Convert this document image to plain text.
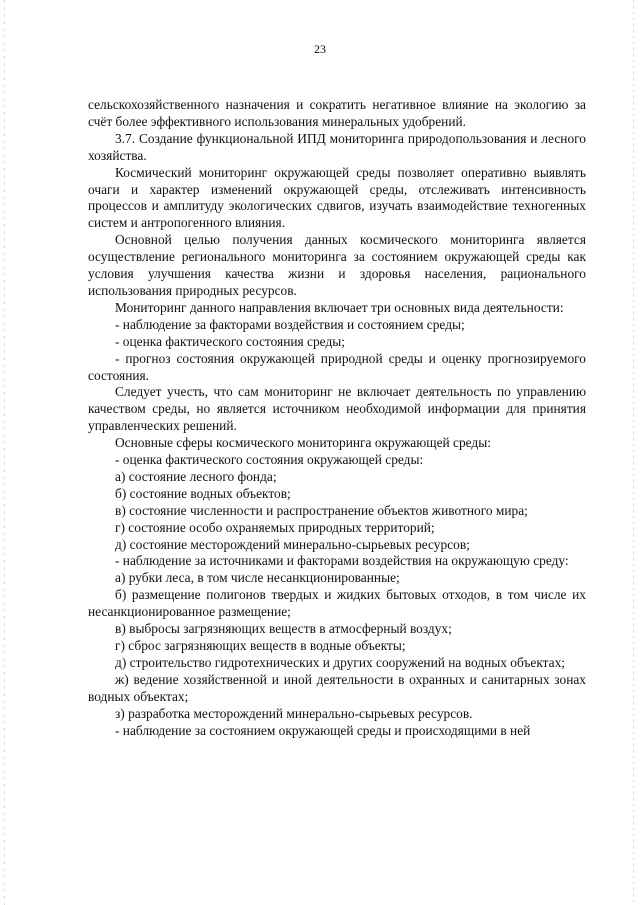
23

сельскохозяйственного назначения и сократить негативное влияние на экологию за счёт более эффективного использования минеральных удобрений.

3.7. Создание функциональной ИПД мониторинга природопользования и лесного хозяйства.

Космический мониторинг окружающей среды позволяет оперативно выявлять очаги и характер изменений окружающей среды, отслеживать интенсивность процессов и амплитуду экологических сдвигов, изучать взаимодействие техногенных систем и антропогенного влияния.

Основной целью получения данных космического мониторинга является осуществление регионального мониторинга за состоянием окружающей среды как условия улучшения качества жизни и здоровья населения, рационального использования природных ресурсов.

Мониторинг данного направления включает три основных вида деятельности:

- наблюдение за факторами воздействия и состоянием среды;

- оценка фактического состояния среды;

- прогноз состояния окружающей природной среды и оценку прогнозируемого состояния.

Следует учесть, что сам мониторинг не включает деятельность по управлению качеством среды, но является источником необходимой информации для принятия управленческих решений.

Основные сферы космического мониторинга окружающей среды:

- оценка фактического состояния окружающей среды:

а) состояние лесного фонда;

б) состояние водных объектов;

в) состояние численности и распространение объектов животного мира;

г) состояние особо охраняемых природных территорий;

д) состояние месторождений минерально-сырьевых ресурсов;

- наблюдение за источниками и факторами воздействия на окружающую среду:

а) рубки леса, в том числе несанкционированные;

б) размещение полигонов твердых и жидких бытовых отходов, в том числе их несанкционированное размещение;

в) выбросы загрязняющих веществ в атмосферный воздух;

г) сброс загрязняющих веществ в водные объекты;

д) строительство гидротехнических и других сооружений на водных объектах;

ж) ведение хозяйственной и иной деятельности в охранных и санитарных зонах водных объектах;

з) разработка месторождений минерально-сырьевых ресурсов.

- наблюдение за состоянием окружающей среды и происходящими в ней
